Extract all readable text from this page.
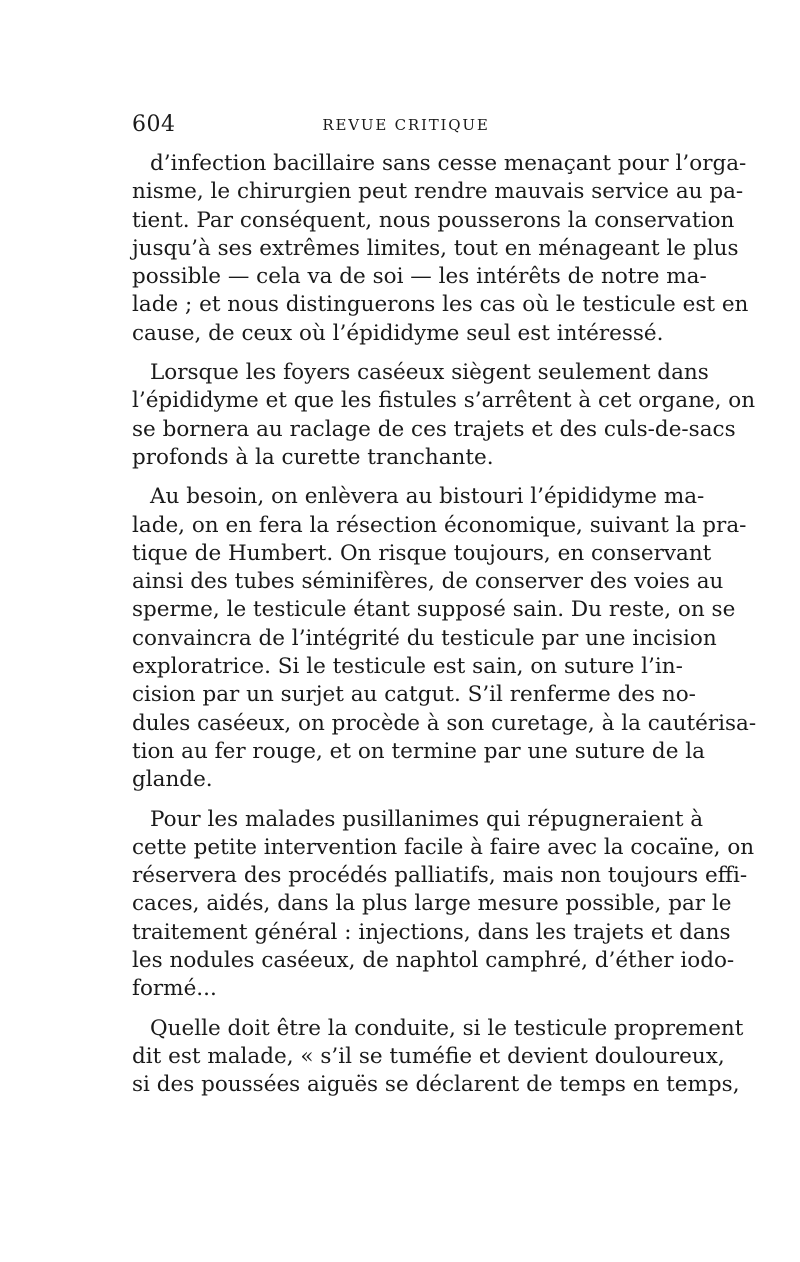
604	REVUE CRITIQUE
d’infection bacillaire sans cesse menaçant pour l’orga-
nisme, le chirurgien peut rendre mauvais service au pa-
tient. Par conséquent, nous pousserons la conservation
jusqu’à ses extrêmes limites, tout en ménageant le plus
possible — cela va de soi — les intérêts de notre ma-
lade ; et nous distinguerons les cas où le testicule est en
cause, de ceux où l’épididyme seul est intéressé.
Lorsque les foyers caséeux siègent seulement dans
l’épididyme et que les fistules s’arrêtent à cet organe, on
se bornera au raclage de ces trajets et des culs-de-sacs
profonds à la curette tranchante.
Au besoin, on enlèvera au bistouri l’épididyme ma-
lade, on en fera la résection économique, suivant la pra-
tique de Humbert. On risque toujours, en conservant
ainsi des tubes séminifères, de conserver des voies au
sperme, le testicule étant supposé sain. Du reste, on se
convaincra de l’intégrité du testicule par une incision
exploratrice. Si le testicule est sain, on suture l’in-
cision par un surjet au catgut. S’il renferme des no-
dules caséeux, on procède à son curetage, à la cautérisa-
tion au fer rouge, et on termine par une suture de la
glande.
Pour les malades pusillanimes qui répugneraient à
cette petite intervention facile à faire avec la cocaïne, on
réservera des procédés palliatifs, mais non toujours effi-
caces, aidés, dans la plus large mesure possible, par le
traitement général : injections, dans les trajets et dans
les nodules caséeux, de naphtol camphré, d’éther iodo-
formé...
Quelle doit être la conduite, si le testicule proprement
dit est malade, « s’il se tuméfie et devient douloureux,
si des poussées aiguës se déclarent de temps en temps,
